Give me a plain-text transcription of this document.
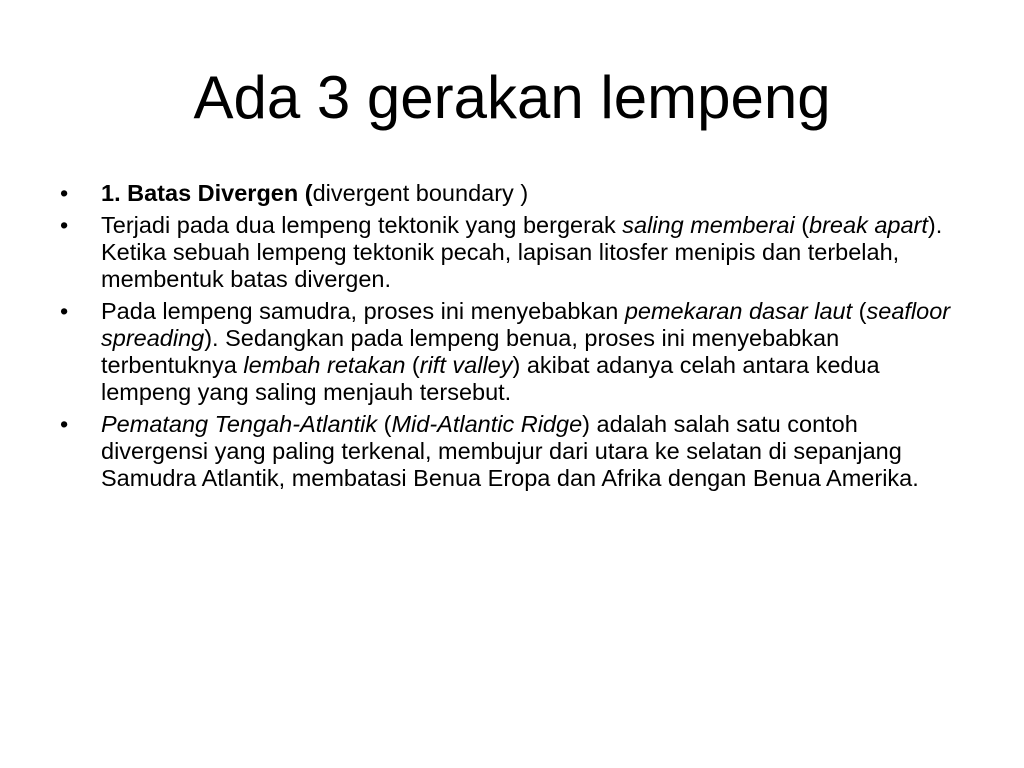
Ada 3 gerakan lempeng
•	1. Batas Divergen (divergent boundary )
•	Terjadi pada dua lempeng tektonik yang bergerak saling memberai (break apart). Ketika sebuah lempeng tektonik pecah, lapisan litosfer menipis dan terbelah, membentuk batas divergen.
•	Pada lempeng samudra, proses ini menyebabkan pemekaran dasar laut (seafloor spreading). Sedangkan pada lempeng benua, proses ini menyebabkan terbentuknya lembah retakan (rift valley) akibat adanya celah antara kedua lempeng yang saling menjauh tersebut.
•	Pematang Tengah-Atlantik (Mid-Atlantic Ridge) adalah salah satu contoh divergensi yang paling terkenal, membujur dari utara ke selatan di sepanjang Samudra Atlantik, membatasi Benua Eropa dan Afrika dengan Benua Amerika.
